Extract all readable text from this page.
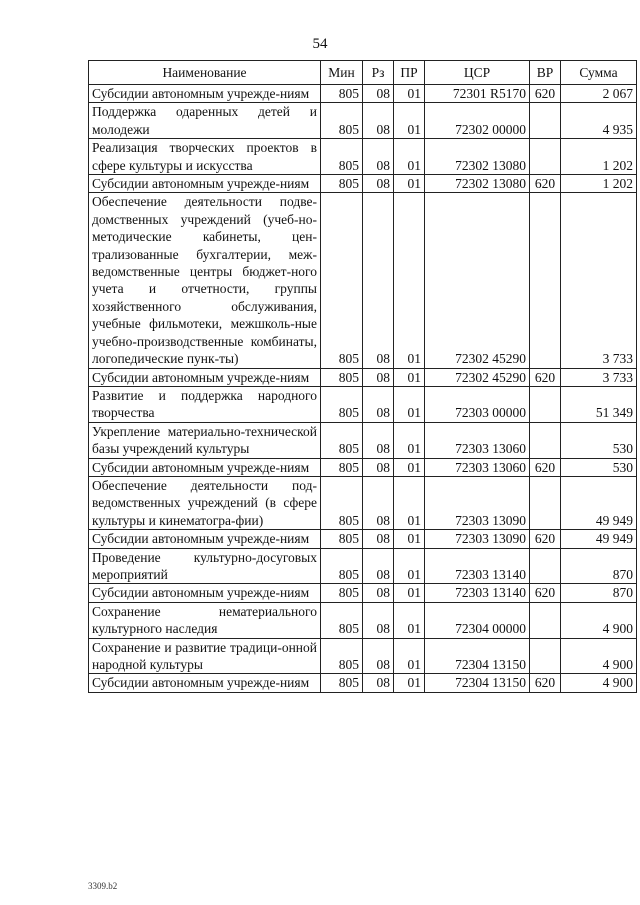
54
Наименование	Мин	Рз	ПР	ЦСР	ВР	Сумма
Субсидии автономным учрежде-ниям	805	08	01	72301 R5170	620	2 067
Поддержка одаренных детей и молодежи	805	08	01	72302 00000		4 935
Реализация творческих проектов в сфере культуры и искусства	805	08	01	72302 13080		1 202
Субсидии автономным учрежде-ниям	805	08	01	72302 13080	620	1 202
Обеспечение деятельности подве-домственных учреждений (учеб-но-методические кабинеты, цен-трализованные бухгалтерии, меж-ведомственные центры бюджет-ного учета и отчетности, группы хозяйственного обслуживания, учебные фильмотеки, межшколь-ные учебно-производственные комбинаты, логопедические пунк-ты)	805	08	01	72302 45290		3 733
Субсидии автономным учрежде-ниям	805	08	01	72302 45290	620	3 733
Развитие и поддержка народного творчества	805	08	01	72303 00000		51 349
Укрепление материально-технической базы учреждений культуры	805	08	01	72303 13060		530
Субсидии автономным учрежде-ниям	805	08	01	72303 13060	620	530
Обеспечение деятельности под-ведомственных учреждений (в сфере культуры и кинематогра-фии)	805	08	01	72303 13090		49 949
Субсидии автономным учрежде-ниям	805	08	01	72303 13090	620	49 949
Проведение культурно-досуговых мероприятий	805	08	01	72303 13140		870
Субсидии автономным учрежде-ниям	805	08	01	72303 13140	620	870
Сохранение нематериального культурного наследия	805	08	01	72304 00000		4 900
Сохранение и развитие традици-онной народной культуры	805	08	01	72304 13150		4 900
Субсидии автономным учрежде-ниям	805	08	01	72304 13150	620	4 900
3309.b2
